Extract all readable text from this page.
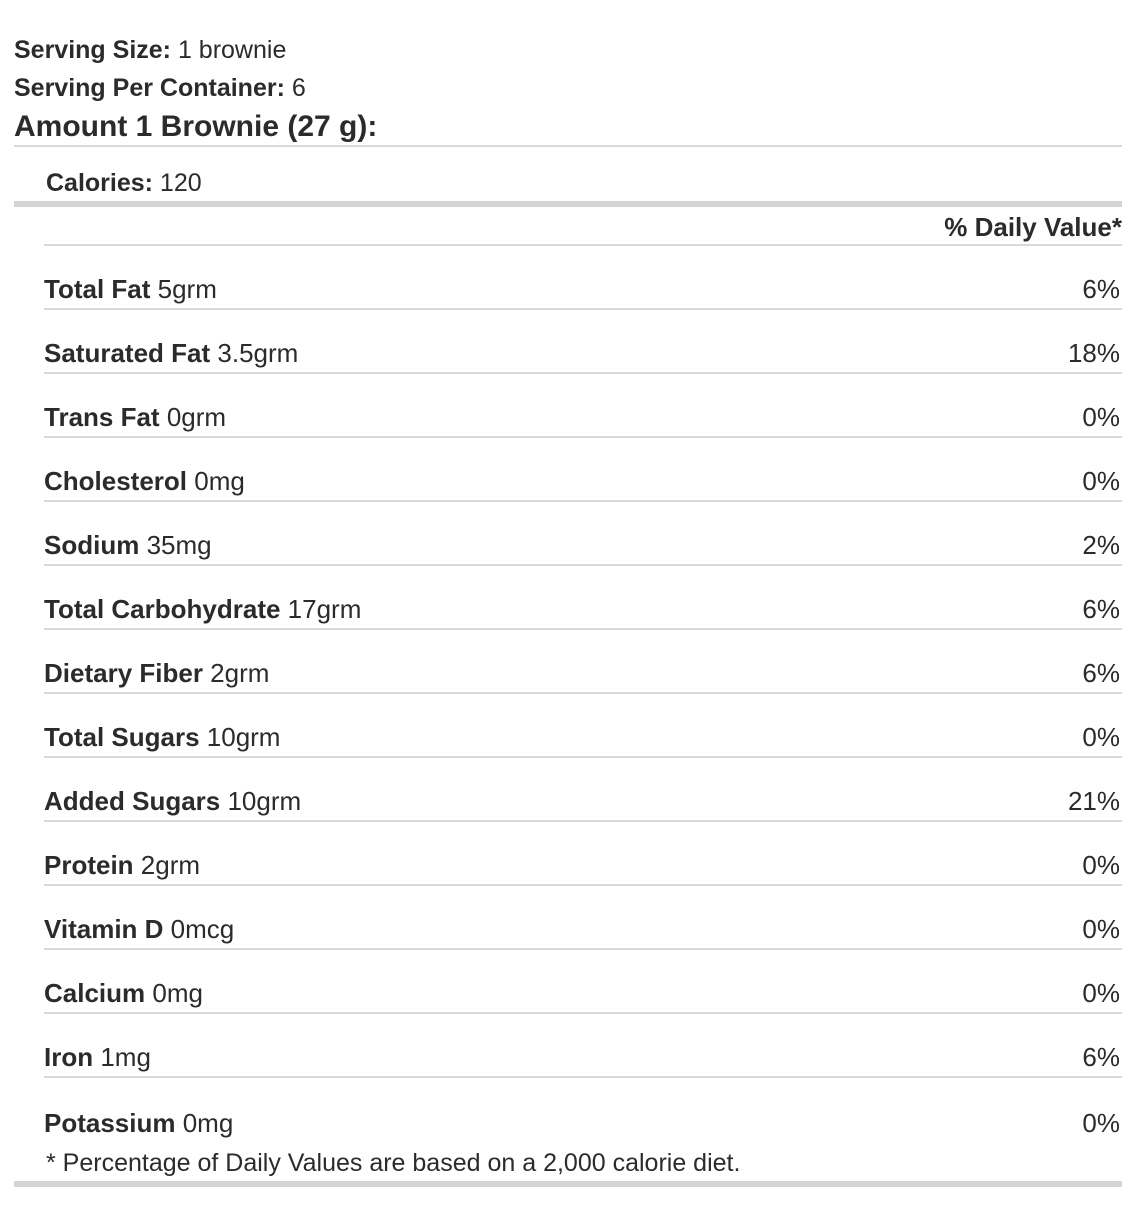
Serving Size: 1 brownie
Serving Per Container: 6
Amount 1 Brownie (27 g):
Calories: 120
% Daily Value*
Total Fat 5grm	6%
Saturated Fat 3.5grm	18%
Trans Fat 0grm	0%
Cholesterol 0mg	0%
Sodium 35mg	2%
Total Carbohydrate 17grm	6%
Dietary Fiber 2grm	6%
Total Sugars 10grm	0%
Added Sugars 10grm	21%
Protein 2grm	0%
Vitamin D 0mcg	0%
Calcium 0mg	0%
Iron 1mg	6%
Potassium 0mg	0%
* Percentage of Daily Values are based on a 2,000 calorie diet.
